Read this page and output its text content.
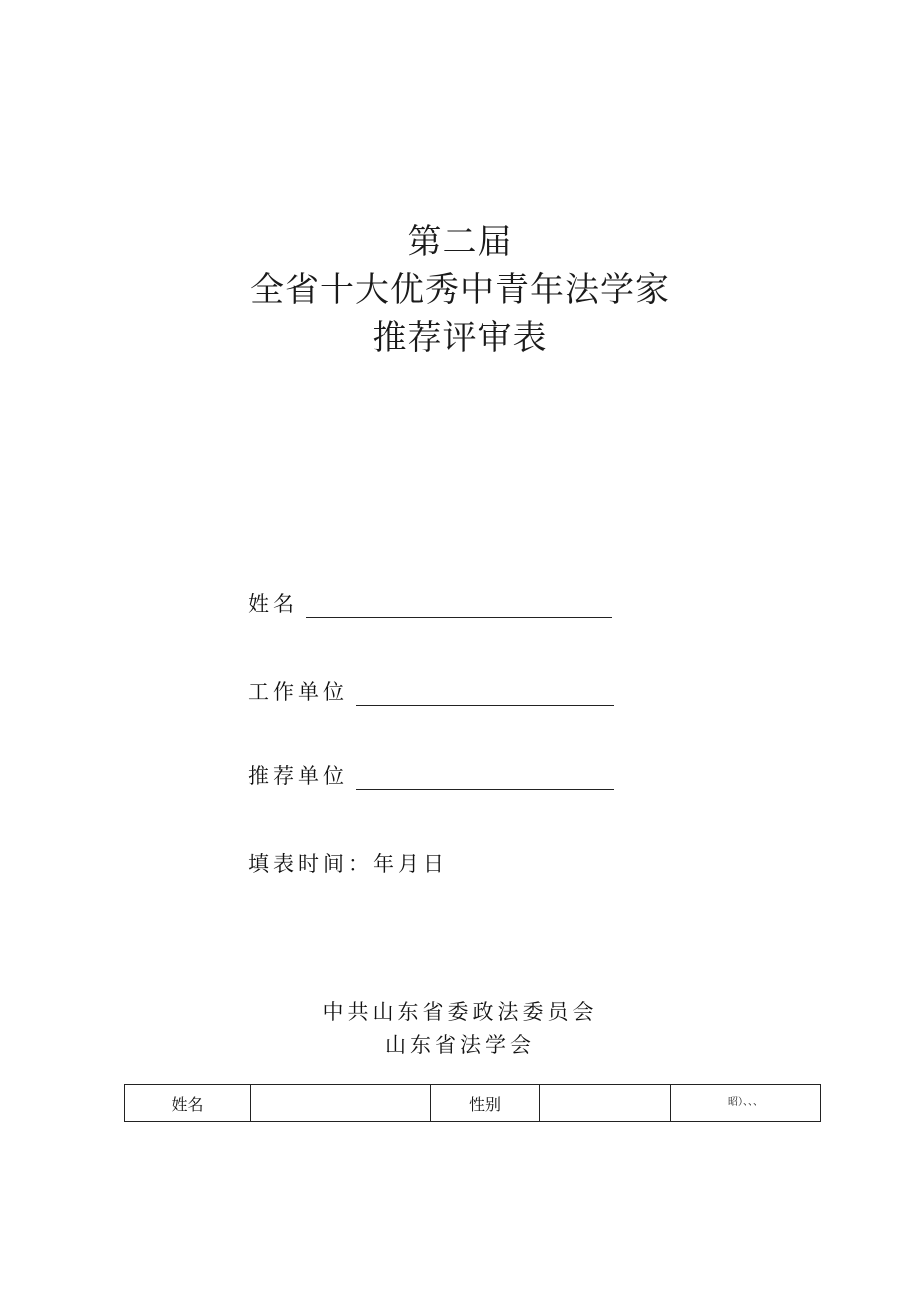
第二届
全省十大优秀中青年法学家
推荐评审表
姓名
工作单位
推荐单位
填表时间：年月日
中共山东省委政法委员会
山东省法学会
姓名		性别		昭）、、、
